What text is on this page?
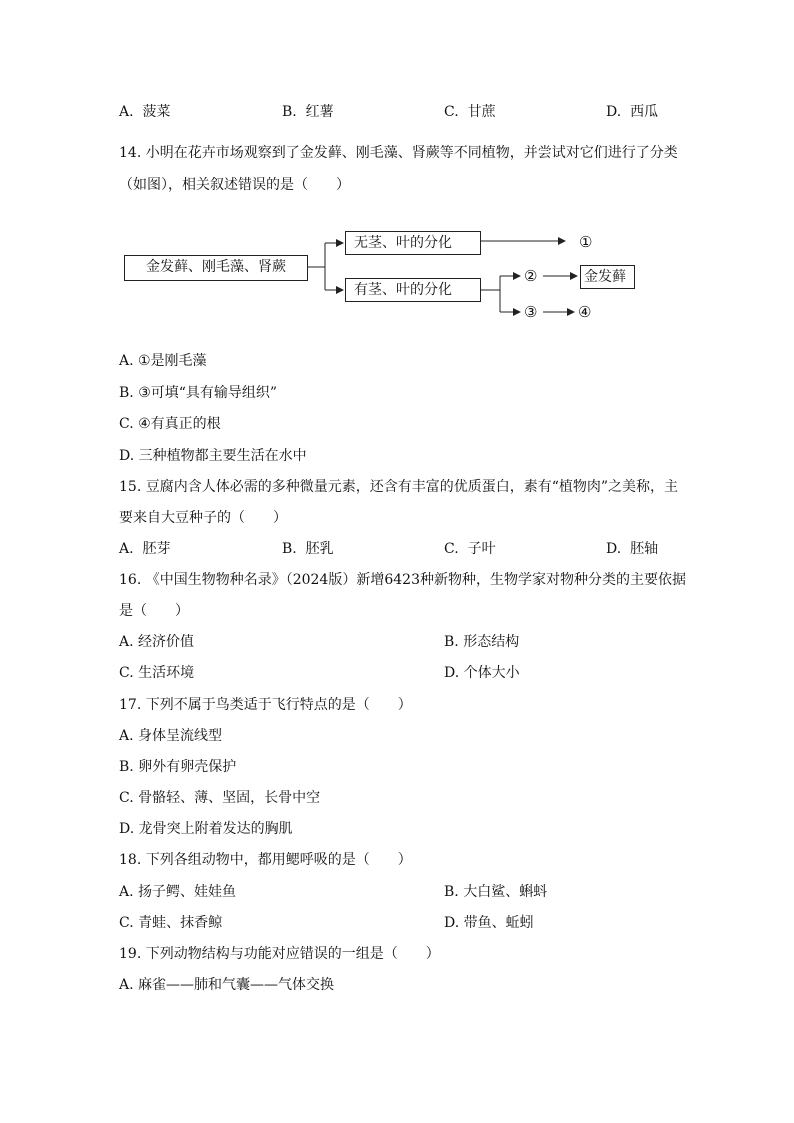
A. 菠菜	B. 红薯	C. 甘蔗	D. 西瓜
14. 小明在花卉市场观察到了金发藓、刚毛藻、肾蕨等不同植物，并尝试对它们进行了分类
（如图），相关叙述错误的是（　　）
金发藓、刚毛藻、肾蕨
无茎、叶的分化
有茎、叶的分化
金发藓
①
②
③	④
A. ①是刚毛藻
B. ③可填“具有输导组织”
C. ④有真正的根
D. 三种植物都主要生活在水中
15. 豆腐内含人体必需的多种微量元素，还含有丰富的优质蛋白，素有“植物肉”之美称，主
要来自大豆种子的（　　）
A. 胚芽	B. 胚乳	C. 子叶	D. 胚轴
16. 《中国生物物种名录》（2024版）新增6423种新物种，生物学家对物种分类的主要依据
是（　　）
A. 经济价值	B. 形态结构
C. 生活环境	D. 个体大小
17. 下列不属于鸟类适于飞行特点的是（　　）
A. 身体呈流线型
B. 卵外有卵壳保护
C. 骨骼轻、薄、坚固，长骨中空
D. 龙骨突上附着发达的胸肌
18. 下列各组动物中，都用鳃呼吸的是（　　）
A. 扬子鳄、娃娃鱼	B. 大白鲨、蝌蚪
C. 青蛙、抹香鲸	D. 带鱼、蚯蚓
19. 下列动物结构与功能对应错误的一组是（　　）
A. 麻雀——肺和气囊——气体交换
